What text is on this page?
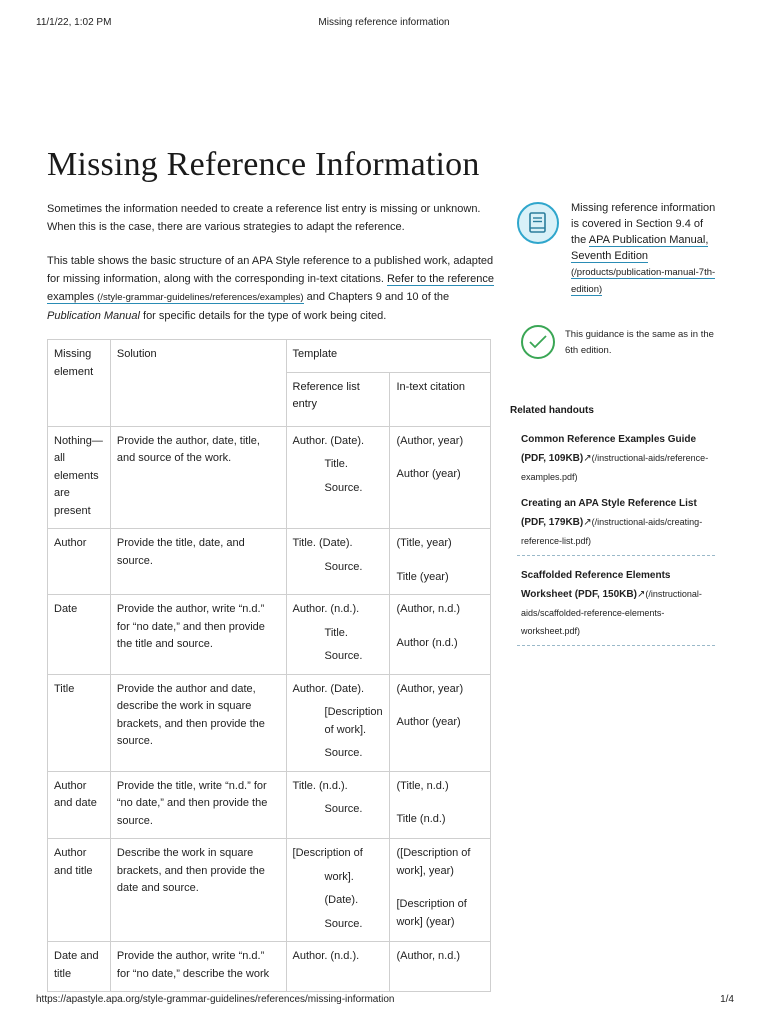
11/1/22, 1:02 PM	Missing reference information
Missing Reference Information

Sometimes the information needed to create a reference list entry is missing or unknown. When this is the case, there are various strategies to adapt the reference.

This table shows the basic structure of an APA Style reference to a published work, adapted for missing information, along with the corresponding in-text citations. Refer to the reference examples (/style-grammar-guidelines/references/examples) and Chapters 9 and 10 of the Publication Manual for specific details for the type of work being cited.

Missing element	Solution	Template	
		Reference list entry	In-text citation
Nothing—all elements are present	Provide the author, date, title, and source of the work.	Author. (Date).
Title.
Source.	(Author, year)
Author (year)

Author	Provide the title, date, and source.	Title. (Date).
Source.	(Title, year)
Title (year)

Date	Provide the author, write “n.d.” for “no date,” and then provide the title and source.	Author. (n.d.).
Title.
Source.	(Author, n.d.)
Author (n.d.)

Title	Provide the author and date, describe the work in square brackets, and then provide the source.	Author. (Date).
[Description of work].
Source.	(Author, year)
Author (year)

Author and date	Provide the title, write “n.d.” for “no date,” and then provide the source.	Title. (n.d.).
Source.	(Title, n.d.)
Title (n.d.)

Author and title	Describe the work in square brackets, and then provide the date and source.	[Description of
work].
(Date).
Source.	([Description of work], year)
[Description of work] (year)

Date and title	Provide the author, write “n.d.” for “no date,” describe the work	Author. (n.d.).	(Author, n.d.)
Missing reference information is covered in Section 9.4 of the APA Publication Manual, Seventh Edition (/products/publication-manual-7th-edition)
This guidance is the same as in the 6th edition.
Related handouts
Common Reference Examples Guide (PDF, 109KB)↗(/instructional-aids/reference-examples.pdf)
Creating an APA Style Reference List (PDF, 179KB)↗(/instructional-aids/creating-reference-list.pdf)
Scaffolded Reference Elements Worksheet (PDF, 150KB)↗(/instructional-aids/scaffolded-reference-elements-worksheet.pdf)
https://apastyle.apa.org/style-grammar-guidelines/references/missing-information	1/4
